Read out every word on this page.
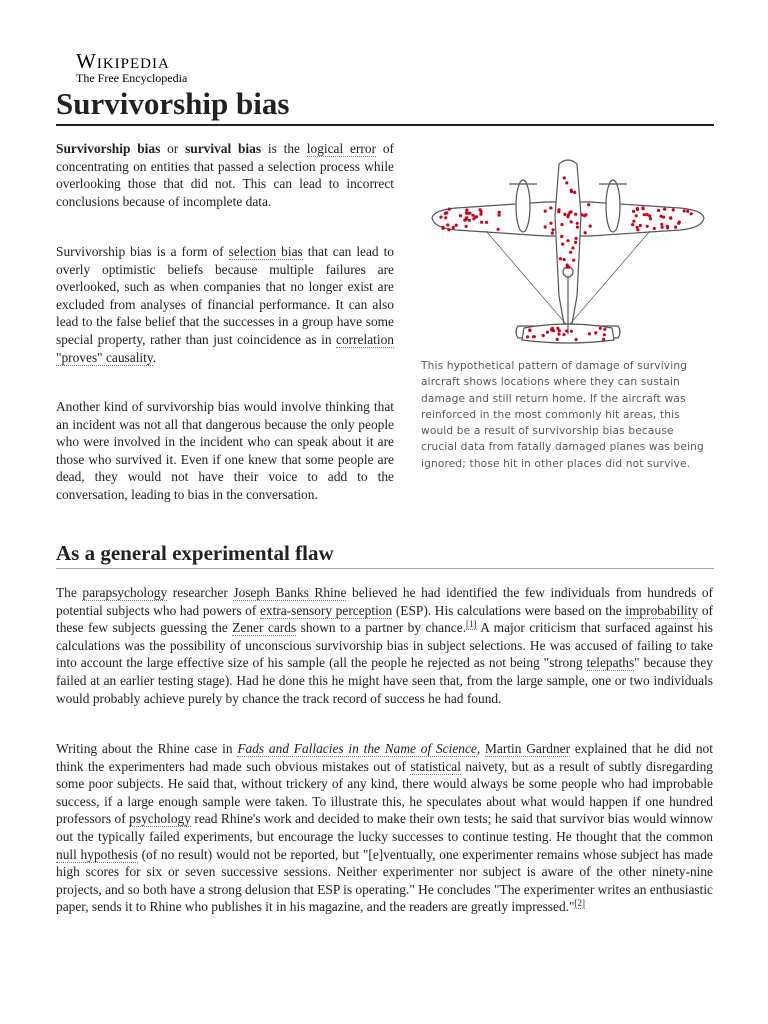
Wikipedia
The Free Encyclopedia
Survivorship bias

Survivorship bias or survival bias is the logical error of concentrating on entities that passed a selection process while overlooking those that did not. This can lead to incorrect conclusions because of incomplete data.

Survivorship bias is a form of selection bias that can lead to overly optimistic beliefs because multiple failures are overlooked, such as when companies that no longer exist are excluded from analyses of financial performance. It can also lead to the false belief that the successes in a group have some special property, rather than just coincidence as in correlation "proves" causality.

Another kind of survivorship bias would involve thinking that an incident was not all that dangerous because the only people who were involved in the incident who can speak about it are those who survived it. Even if one knew that some people are dead, they would not have their voice to add to the conversation, leading to bias in the conversation.

This hypothetical pattern of damage of surviving aircraft shows locations where they can sustain damage and still return home. If the aircraft was reinforced in the most commonly hit areas, this would be a result of survivorship bias because crucial data from fatally damaged planes was being ignored; those hit in other places did not survive.

As a general experimental flaw

The parapsychology researcher Joseph Banks Rhine believed he had identified the few individuals from hundreds of potential subjects who had powers of extra-sensory perception (ESP). His calculations were based on the improbability of these few subjects guessing the Zener cards shown to a partner by chance.[1] A major criticism that surfaced against his calculations was the possibility of unconscious survivorship bias in subject selections. He was accused of failing to take into account the large effective size of his sample (all the people he rejected as not being "strong telepaths" because they failed at an earlier testing stage). Had he done this he might have seen that, from the large sample, one or two individuals would probably achieve purely by chance the track record of success he had found.

Writing about the Rhine case in Fads and Fallacies in the Name of Science, Martin Gardner explained that he did not think the experimenters had made such obvious mistakes out of statistical naivety, but as a result of subtly disregarding some poor subjects. He said that, without trickery of any kind, there would always be some people who had improbable success, if a large enough sample were taken. To illustrate this, he speculates about what would happen if one hundred professors of psychology read Rhine's work and decided to make their own tests; he said that survivor bias would winnow out the typically failed experiments, but encourage the lucky successes to continue testing. He thought that the common null hypothesis (of no result) would not be reported, but "[e]ventually, one experimenter remains whose subject has made high scores for six or seven successive sessions. Neither experimenter nor subject is aware of the other ninety-nine projects, and so both have a strong delusion that ESP is operating." He concludes "The experimenter writes an enthusiastic paper, sends it to Rhine who publishes it in his magazine, and the readers are greatly impressed."[2]
